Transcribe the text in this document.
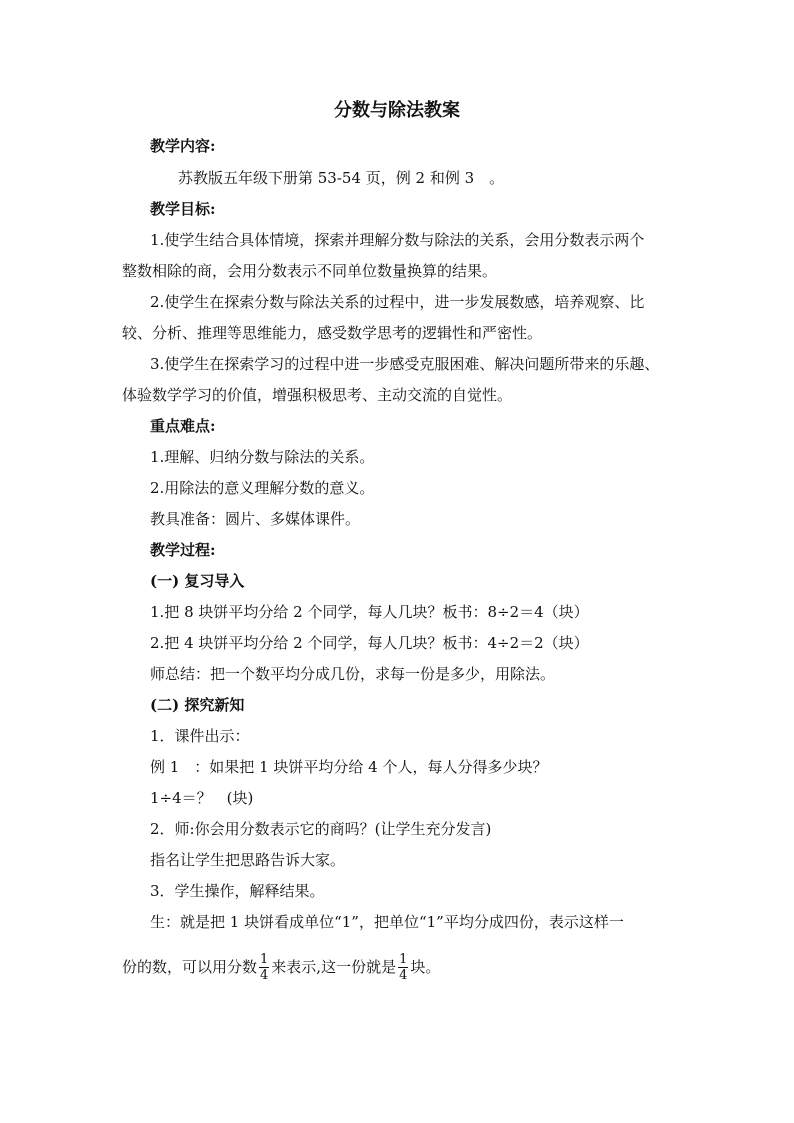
分数与除法教案
教学内容:
苏教版五年级下册第 53-54 页，例 2 和例 3　。
教学目标:
1.使学生结合具体情境，探索并理解分数与除法的关系，会用分数表示两个
整数相除的商，会用分数表示不同单位数量换算的结果。
2.使学生在探索分数与除法关系的过程中，进一步发展数感，培养观察、比
较、分析、推理等思维能力，感受数学思考的逻辑性和严密性。
3.使学生在探索学习的过程中进一步感受克服困难、解决问题所带来的乐趣、
体验数学学习的价值，增强积极思考、主动交流的自觉性。
重点难点:
1.理解、归纳分数与除法的关系。
2.用除法的意义理解分数的意义。
教具准备：圆片、多媒体课件。
教学过程:
(一) 复习导入
1.把 8 块饼平均分给 2 个同学，每人几块？板书：8÷2＝4（块）
2.把 4 块饼平均分给 2 个同学，每人几块？板书：4÷2＝2（块）
师总结：把一个数平均分成几份，求每一份是多少，用除法。
(二) 探究新知
1．课件出示：
例 1　：如果把 1 块饼平均分给 4 个人，每人分得多少块？
1÷4＝？　(块)
2．师:你会用分数表示它的商吗？(让学生充分发言)
指名让学生把思路告诉大家。
3．学生操作，解释结果。
生：就是把 1 块饼看成单位“1”，把单位“1”平均分成四份，表示这样一
份的数，可以用分数 $\frac{1}{4}$ 来表示,这一份就是 $\frac{1}{4}$ 块。
